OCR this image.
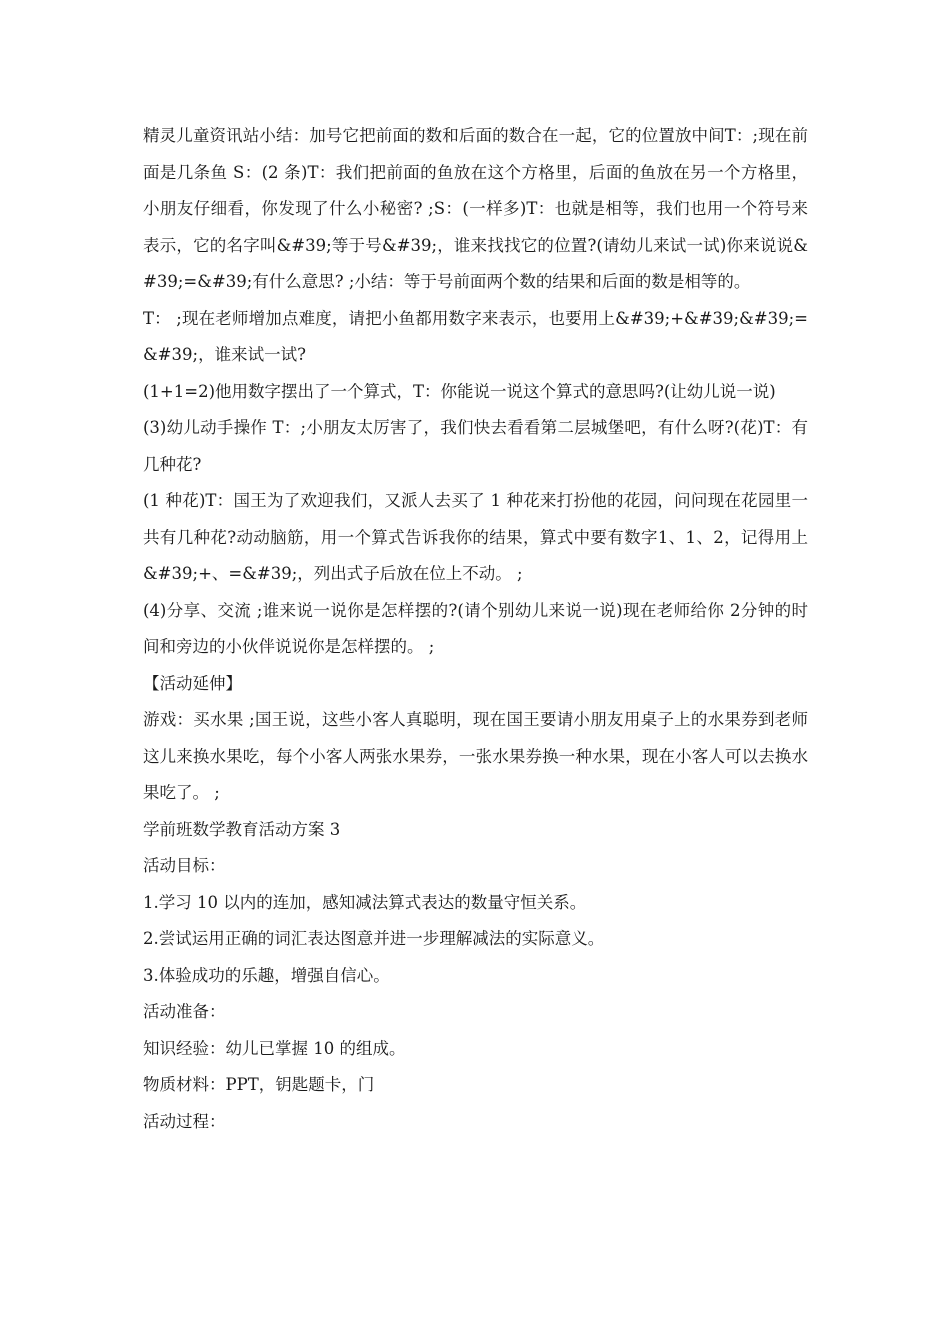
精灵儿童资讯站小结：加号它把前面的数和后面的数合在一起，它的位置放中间T：;现在前面是几条鱼 S：(2 条)T：我们把前面的鱼放在这个方格里，后面的鱼放在另一个方格里，小朋友仔细看，你发现了什么小秘密? ;S：(一样多)T：也就是相等，我们也用一个符号来表示，它的名字叫&#39;等于号&#39;，谁来找找它的位置?(请幼儿来试一试)你来说说&#39;=&#39;有什么意思? ;小结：等于号前面两个数的结果和后面的数是相等的。

T： ;现在老师增加点难度，请把小鱼都用数字来表示，也要用上&#39;+&#39;&#39;=&#39;，谁来试一试?

(1+1=2)他用数字摆出了一个算式，T：你能说一说这个算式的意思吗?(让幼儿说一说)

(3)幼儿动手操作 T：;小朋友太厉害了，我们快去看看第二层城堡吧，有什么呀?(花)T：有几种花?

(1 种花)T：国王为了欢迎我们，又派人去买了 1 种花来打扮他的花园，问问现在花园里一共有几种花?动动脑筋，用一个算式告诉我你的结果，算式中要有数字1、1、2，记得用上&#39;+、=&#39;，列出式子后放在位上不动。 ;

(4)分享、交流 ;谁来说一说你是怎样摆的?(请个别幼儿来说一说)现在老师给你 2分钟的时间和旁边的小伙伴说说你是怎样摆的。 ;

【活动延伸】

游戏：买水果 ;国王说，这些小客人真聪明，现在国王要请小朋友用桌子上的水果券到老师这儿来换水果吃，每个小客人两张水果券，一张水果券换一种水果，现在小客人可以去换水果吃了。 ;

学前班数学教育活动方案 3

活动目标：

1.学习 10 以内的连加，感知减法算式表达的数量守恒关系。

2.尝试运用正确的词汇表达图意并进一步理解减法的实际意义。

3.体验成功的乐趣，增强自信心。

活动准备：

知识经验：幼儿已掌握 10 的组成。

物质材料：PPT，钥匙题卡，门

活动过程：
